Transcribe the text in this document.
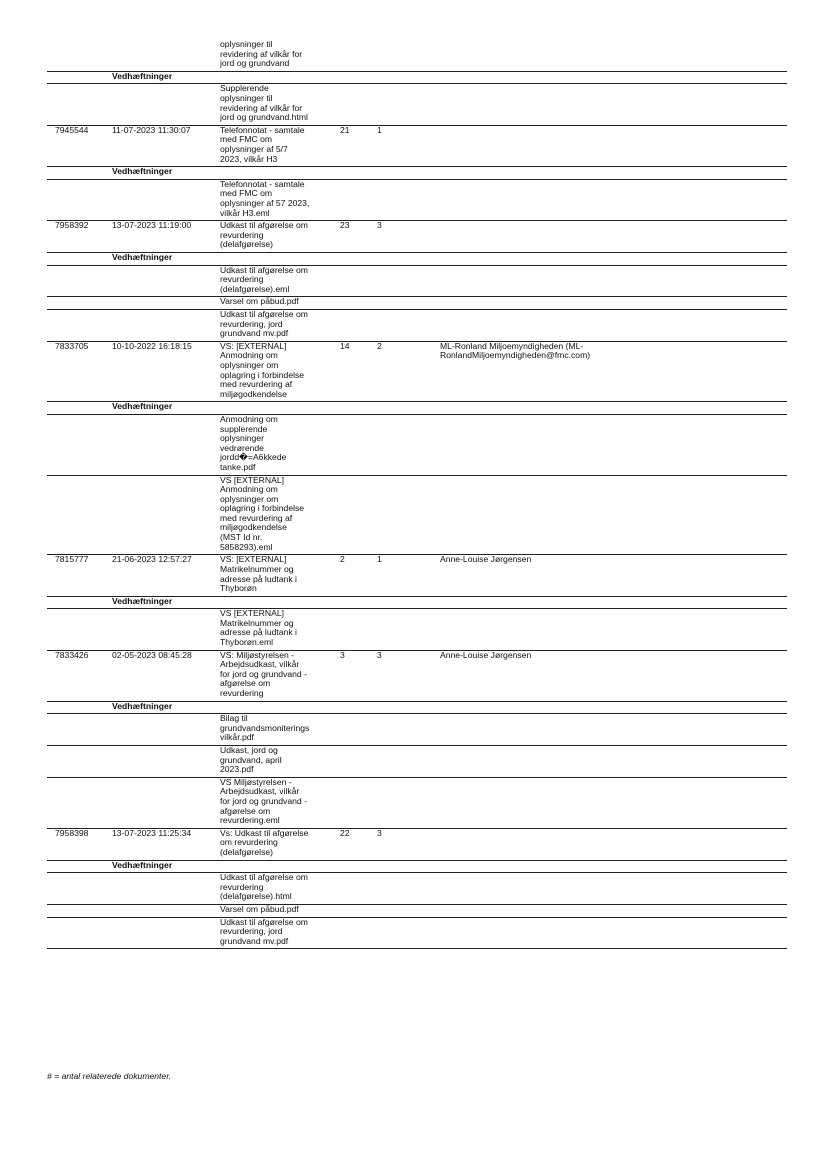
oplysninger til
revidering af vilkår for
jord og grundvand
Vedhæftninger
Supplerende
oplysninger til
revidering af vilkår for
jord og grundvand.html
7945544	11-07-2023 11:30:07	Telefonnotat - samtale
med FMC om
oplysninger af 5/7
2023, vilkår H3
21	1
Vedhæftninger
Telefonnotat - samtale
med FMC om
oplysninger af 57 2023,
vilkår H3.eml
7958392	13-07-2023 11:19:00	Udkast til afgørelse om
revurdering
(delafgørelse)
23	3
Vedhæftninger
Udkast til afgørelse om
revurdering
(delafgørelse).eml
Varsel om påbud.pdf
Udkast til afgørelse om
revurdering, jord
grundvand mv.pdf
7833705	10-10-2022 16:18:15	VS: [EXTERNAL]
Anmodning om
oplysninger om
oplagring i forbindelse
med revurdering af
miljøgodkendelse
14	2	ML-Ronland Miljoemyndigheden (ML-
RonlandMiljoemyndigheden@fmc.com)
Vedhæftninger
Anmodning om
supplerende
oplysninger
vedrørende
jordd�=A6kkede
tanke.pdf
VS [EXTERNAL]
Anmodning om
oplysninger om
oplagring i forbindelse
med revurdering af
miljøgodkendelse
(MST Id nr.
5858293).eml
7815777	21-06-2023 12:57:27	VS: [EXTERNAL]
Matrikelnummer og
adresse på ludtank i
Thyborøn
2	1	Anne-Louise Jørgensen
Vedhæftninger
VS [EXTERNAL]
Matrikelnummer og
adresse på ludtank i
Thyborøn.eml
7833426	02-05-2023 08:45:28	VS: Miljøstyrelsen -
Arbejdsudkast, vilkår
for jord og grundvand -
afgørelse om
revurdering
3	3	Anne-Louise Jørgensen
Vedhæftninger
Bilag til
grundvandsmoniterings
vilkår.pdf
Udkast, jord og
grundvand, april
2023.pdf
VS Miljøstyrelsen -
Arbejdsudkast, vilkår
for jord og grundvand -
afgørelse om
revurdering.eml
7958398	13-07-2023 11:25:34	Vs: Udkast til afgørelse
om revurdering
(delafgørelse)
22	3
Vedhæftninger
Udkast til afgørelse om
revurdering
(delafgørelse).html
Varsel om påbud.pdf
Udkast til afgørelse om
revurdering, jord
grundvand mv.pdf
# = antal relaterede dokumenter.
